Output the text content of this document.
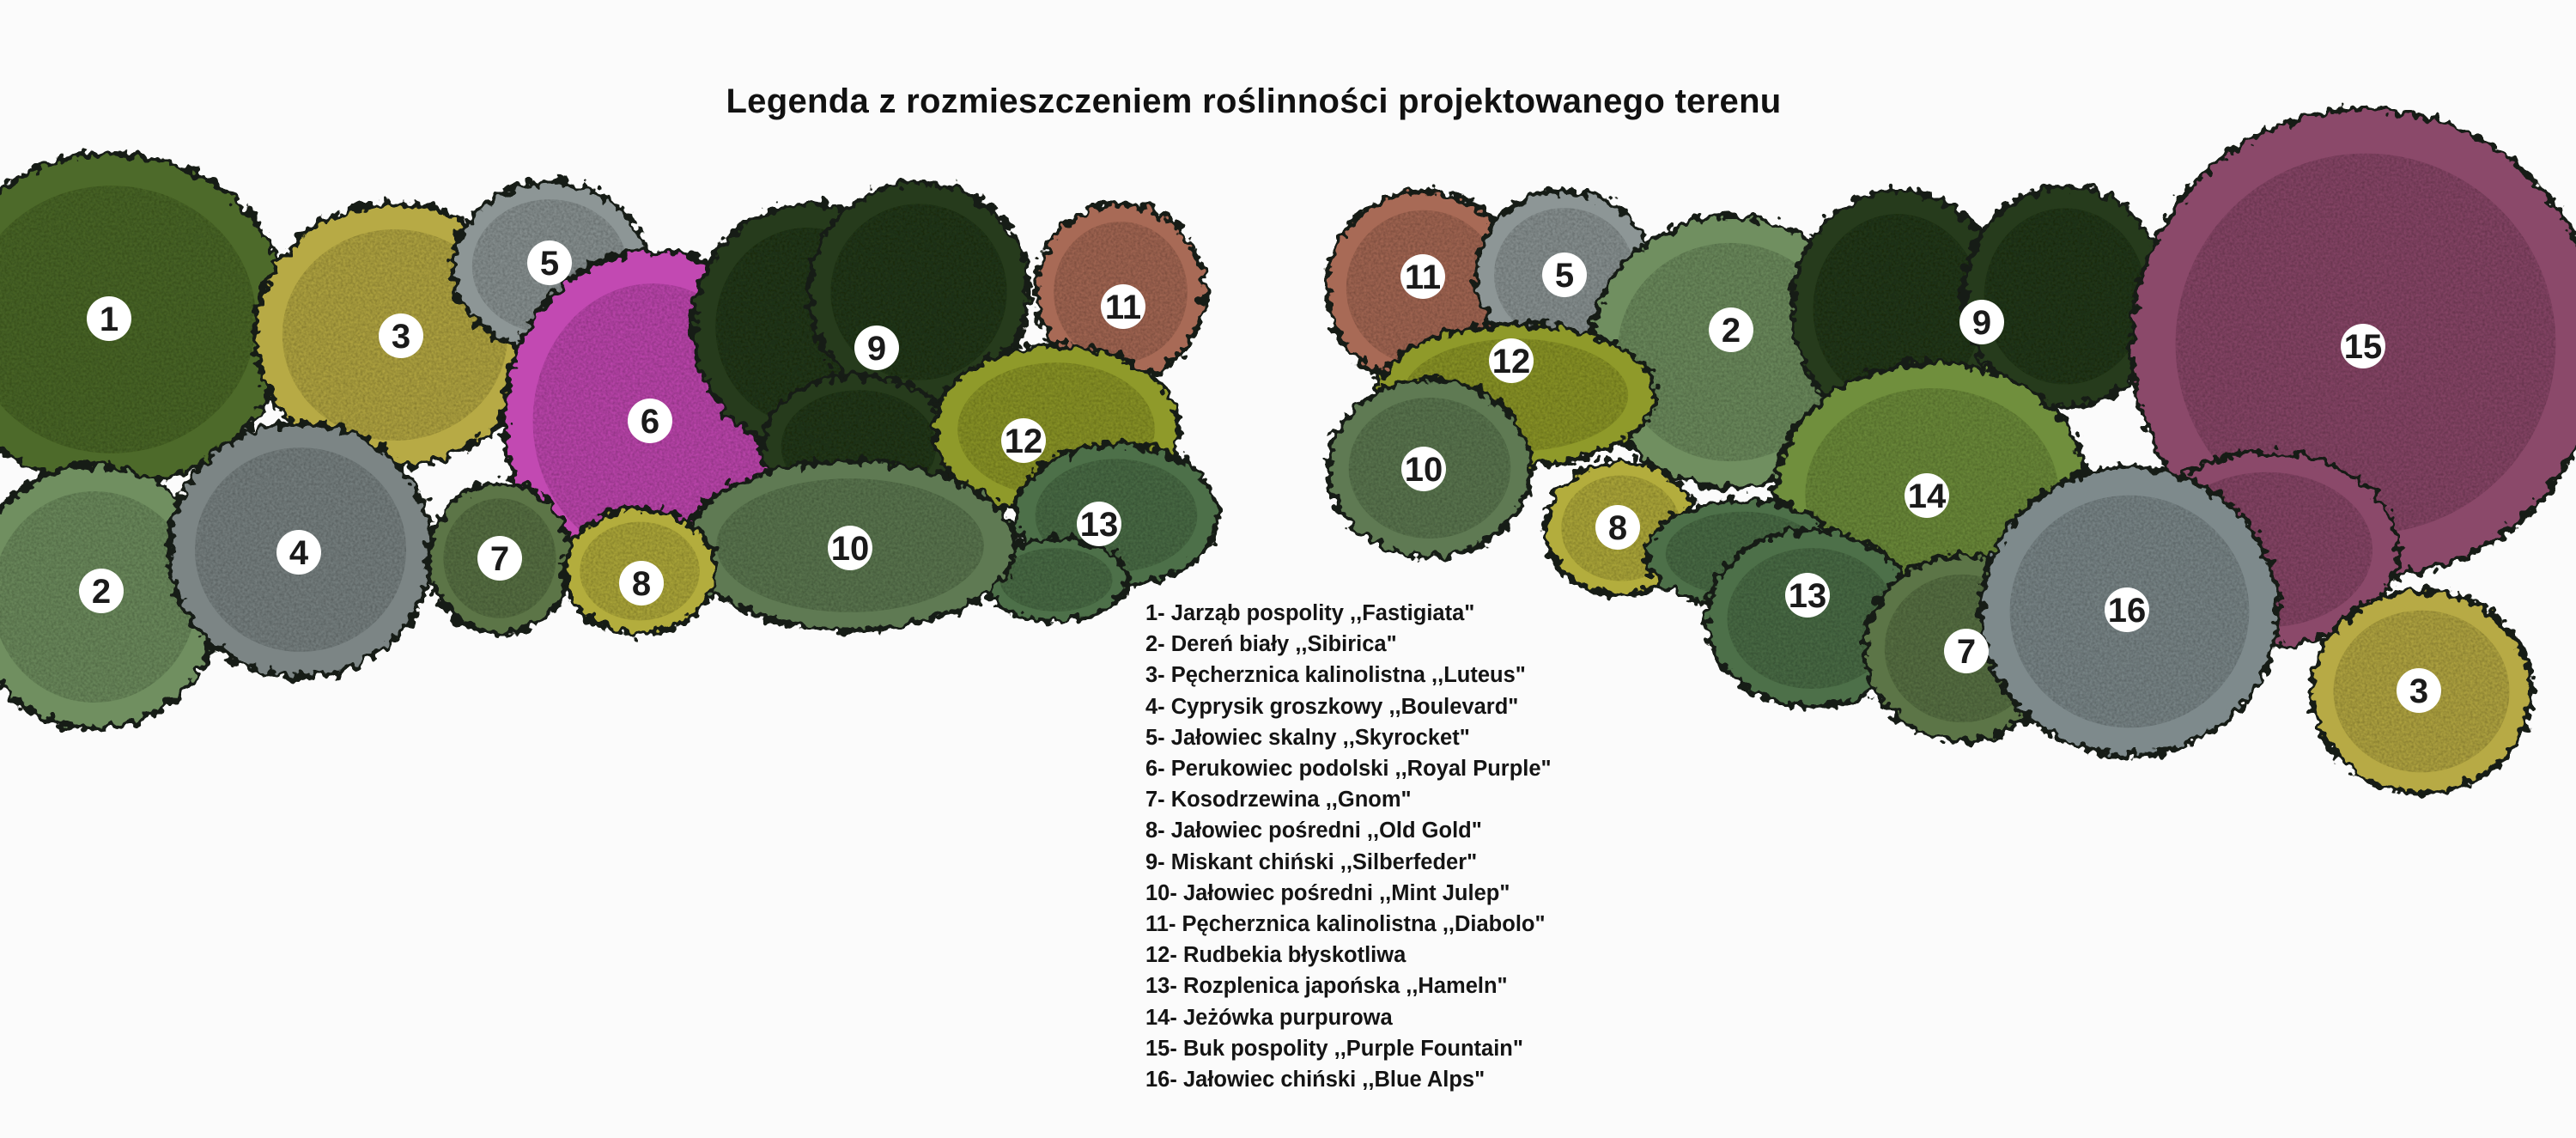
Legenda z rozmieszczeniem roślinności projektowanego terenu
1	3
5
6
9
11
2
4	7
8
10
12
13
11	5
2	9
15
12
10
14
8
13
7
16
3
1- Jarząb pospolity ,,Fastigiata"
2- Dereń biały ,,Sibirica"
3- Pęcherznica kalinolistna ,,Luteus"
4- Cyprysik groszkowy ,,Boulevard"
5- Jałowiec skalny ,,Skyrocket"
6- Perukowiec podolski ,,Royal Purple"
7- Kosodrzewina ,,Gnom"
8- Jałowiec pośredni ,,Old Gold"
9- Miskant chiński ,,Silberfeder"
10- Jałowiec pośredni ,,Mint Julep"
11- Pęcherznica kalinolistna ,,Diabolo"
12- Rudbekia błyskotliwa
13- Rozplenica japońska ,,Hameln"
14- Jeżówka purpurowa
15- Buk pospolity ,,Purple Fountain"
16- Jałowiec chiński ,,Blue Alps"
